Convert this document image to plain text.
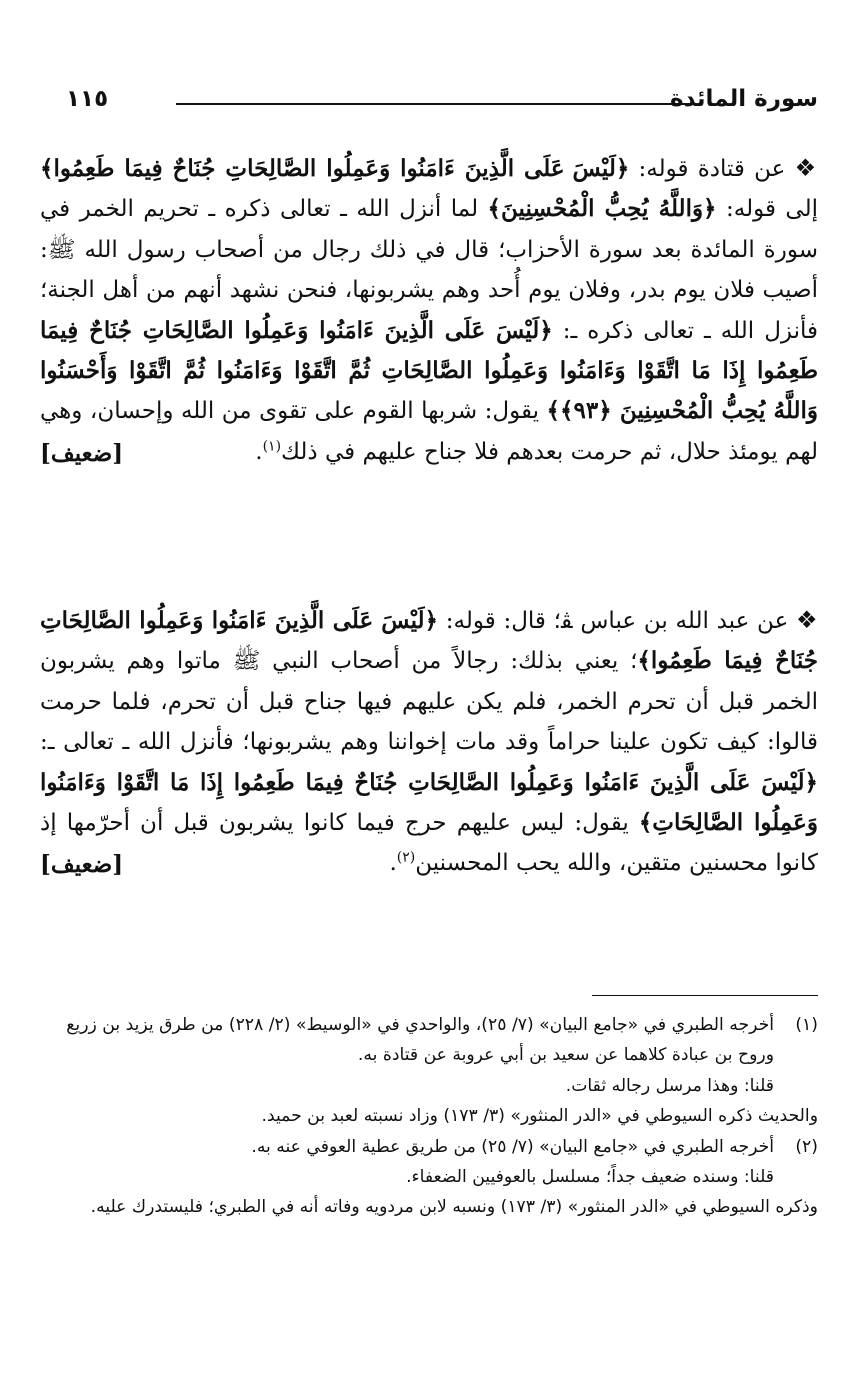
سورة المائدة
١١٥
❖ عن قتادة قوله: ﴿لَيْسَ عَلَى الَّذِينَ ءَامَنُوا وَعَمِلُوا الصَّالِحَاتِ جُنَاحٌ فِيمَا طَعِمُوا﴾ إلى قوله: ﴿وَاللَّهُ يُحِبُّ الْمُحْسِنِينَ﴾ لما أنزل الله ـ تعالى ذكره ـ تحريم الخمر في سورة المائدة بعد سورة الأحزاب؛ قال في ذلك رجال من أصحاب رسول الله ﷺ: أصيب فلان يوم بدر، وفلان يوم أُحد وهم يشربونها، فنحن نشهد أنهم من أهل الجنة؛ فأنزل الله ـ تعالى ذكره ـ: ﴿لَيْسَ عَلَى الَّذِينَ ءَامَنُوا وَعَمِلُوا الصَّالِحَاتِ جُنَاحٌ فِيمَا طَعِمُوا إِذَا مَا اتَّقَوْا وَءَامَنُوا وَعَمِلُوا الصَّالِحَاتِ ثُمَّ اتَّقَوْا وَءَامَنُوا ثُمَّ اتَّقَوْا وَأَحْسَنُوا وَاللَّهُ يُحِبُّ الْمُحْسِنِينَ ﴿٩٣﴾﴾ يقول: شربها القوم على تقوى من الله وإحسان، وهي لهم يومئذ حلال، ثم حرمت بعدهم فلا جناح عليهم في ذلك$^{(١)}$.
[ضعيف]
❖ عن عبد الله بن عباس ﭭ؛ قال: قوله: ﴿لَيْسَ عَلَى الَّذِينَ ءَامَنُوا وَعَمِلُوا الصَّالِحَاتِ جُنَاحٌ فِيمَا طَعِمُوا﴾؛ يعني بذلك: رجالاً من أصحاب النبي ﷺ ماتوا وهم يشربون الخمر قبل أن تحرم الخمر، فلم يكن عليهم فيها جناح قبل أن تحرم، فلما حرمت قالوا: كيف تكون علينا حراماً وقد مات إخواننا وهم يشربونها؛ فأنزل الله ـ تعالى ـ: ﴿لَيْسَ عَلَى الَّذِينَ ءَامَنُوا وَعَمِلُوا الصَّالِحَاتِ جُنَاحٌ فِيمَا طَعِمُوا إِذَا مَا اتَّقَوْا وَءَامَنُوا وَعَمِلُوا الصَّالِحَاتِ﴾ يقول: ليس عليهم حرج فيما كانوا يشربون قبل أن أحرّمها إذ كانوا محسنين متقين، والله يحب المحسنين$^{(٢)}$.
[ضعيف]
(١)
أخرجه الطبري في «جامع البيان» (٧/ ٢٥)، والواحدي في «الوسيط» (٢/ ٢٢٨) من طرق يزيد بن زريع وروح بن عبادة كلاهما عن سعيد بن أبي عروبة عن قتادة به.
قلنا: وهذا مرسل رجاله ثقات.
والحديث ذكره السيوطي في «الدر المنثور» (٣/ ١٧٣) وزاد نسبته لعبد بن حميد.
(٢)
أخرجه الطبري في «جامع البيان» (٧/ ٢٥) من طريق عطية العوفي عنه به.
قلنا: وسنده ضعيف جداً؛ مسلسل بالعوفيين الضعفاء.
وذكره السيوطي في «الدر المنثور» (٣/ ١٧٣) ونسبه لابن مردويه وفاته أنه في الطبري؛ فليستدرك عليه.
